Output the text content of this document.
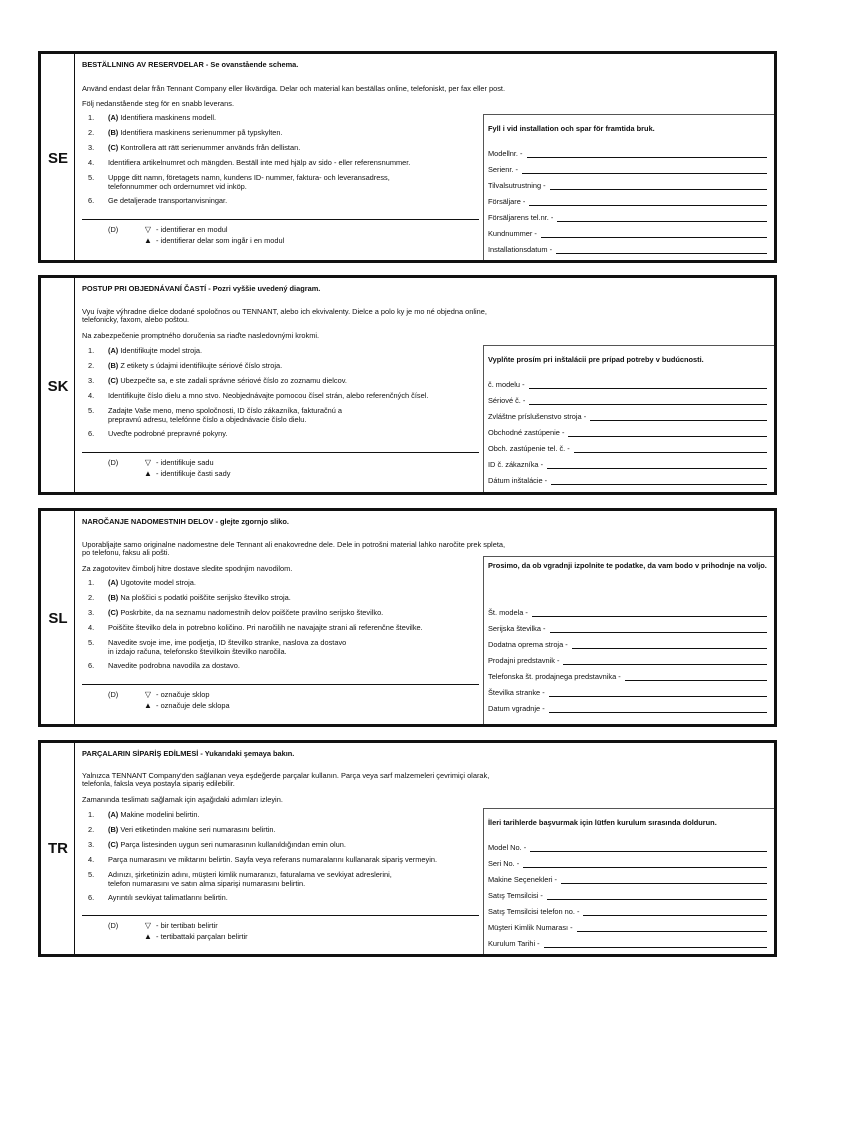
SE
BESTÄLLNING AV RESERVDELAR - Se ovanstående schema.
Använd endast delar från Tennant Company eller likvärdiga. Delar och material kan beställas online, telefoniskt, per fax eller post.
Följ nedanstående steg för en snabb leverans.
1. (A) Identifiera maskinens modell.
2. (B) Identifiera maskinens serienummer på typskylten.
3. (C) Kontrollera att rätt serienummer används från dellistan.
4. Identifiera artikelnumret och mängden. Beställ inte med hjälp av sido - eller referensnummer.
5. Uppge ditt namn, företagets namn, kundens ID- nummer, faktura- och leveransadress,
telefonnummer och ordernumret vid inköp.
6. Ge detaljerade transportanvisningar.
(D)	▽ - identifierar en modul
▲ - identifierar delar som ingår i en modul
Fyll i vid installation och spar för framtida bruk.
Modellnr. -
Serienr. -
Tilvalsutrustning -
Försäljare -
Försäljarens tel.nr. -
Kundnummer -
Installationsdatum -
SK
POSTUP PRI OBJEDNÁVANÍ ČASTÍ - Pozri vyššie uvedený diagram.
Vyu ívajte výhradne dielce dodané spoločnos ou TENNANT, alebo ich ekvivalenty. Dielce a polo ky je mo né objedna online,
telefonicky, faxom, alebo poštou.
Na zabezpečenie promptného doručenia sa riaďte nasledovnými krokmi.
1. (A) Identifikujte model stroja.
2. (B) Z etikety s údajmi identifikujte sériové číslo stroja.
3. (C) Ubezpečte sa, e ste zadali správne sériové číslo zo zoznamu dielcov.
4. Identifikujte číslo dielu a mno stvo. Neobjednávajte pomocou čísel strán, alebo referenčných čísel.
5. Zadajte Vaše meno, meno spoločnosti, ID číslo zákazníka, fakturačnú a
prepravnú adresu, telefónne číslo a objednávacie číslo dielu.
6. Uveďte podrobné prepravné pokyny.
(D)	▽ - identifikuje sadu
▲ - identifikuje časti sady
Vyplňte prosím pri inštalácii pre prípad potreby v budúcnosti.
č. modelu -
Sériové č. -
Zvláštne príslušenstvo stroja -
Obchodné zastúpenie -
Obch. zastúpenie tel. č. -
ID č. zákazníka -
Dátum inštalácie -
SL
NAROČANJE NADOMESTNIH DELOV - glejte zgornjo sliko.
Uporabljajte samo originalne nadomestne dele Tennant ali enakovredne dele. Dele in potrošni material lahko naročite prek spleta,
po telefonu, faksu ali pošti.
Za zagotovitev čimbolj hitre dostave sledite spodnjim navodilom.
1. (A) Ugotovite model stroja.
2. (B) Na ploščici s podatki poiščite serijsko številko stroja.
3. (C) Poskrbite, da na seznamu nadomestnih delov poiščete pravilno serijsko številko.
4. Poiščite številko dela in potrebno količino. Pri naročilih ne navajajte strani ali referenčne številke.
5. Navedite svoje ime, ime podjetja, ID številko stranke, naslova za dostavo
in izdajo računa, telefonsko številkoin številko naročila.
6. Navedite podrobna navodila za dostavo.
(D)	▽ - označuje sklop
▲ - označuje dele sklopa
Prosimo, da ob vgradnji izpolnite te podatke, da vam bodo v prihodnje na voljo.
Št. modela -
Serijska številka -
Dodatna oprema stroja -
Prodajni predstavnik -
Telefonska št. prodajnega predstavnika -
Številka stranke -
Datum vgradnje -
TR
PARÇALARIN SİPARİŞ EDİLMESİ - Yukarıdaki şemaya bakın.
Yalnızca TENNANT Company'den sağlanan veya eşdeğerde parçalar kullanın. Parça veya sarf malzemeleri çevrimiçi olarak,
telefonla, faksla veya postayla sipariş edilebilir.
Zamanında teslimatı sağlamak için aşağıdaki adımları izleyin.
1. (A) Makine modelini belirtin.
2. (B) Veri etiketinden makine seri numarasını belirtin.
3. (C) Parça listesinden uygun seri numarasının kullanıldığından emin olun.
4. Parça numarasını ve miktarını belirtin. Sayfa veya referans numaralarını kullanarak sipariş vermeyin.
5. Adınızı, şirketinizin adını, müşteri kimlik numaranızı, faturalama ve sevkiyat adreslerini,
telefon numarasını ve satın alma siparişi numarasını belirtin.
6. Ayrıntılı sevkiyat talimatlarını belirtin.
(D)	▽ - bir tertibatı belirtir
▲ - tertibattaki parçaları belirtir
İleri tarihlerde başvurmak için lütfen kurulum sırasında doldurun.
Model No. -
Seri No. -
Makine Seçenekleri -
Satış Temsilcisi -
Satış Temsilcisi telefon no. -
Müşteri Kimlik Numarası -
Kurulum Tarihi -
